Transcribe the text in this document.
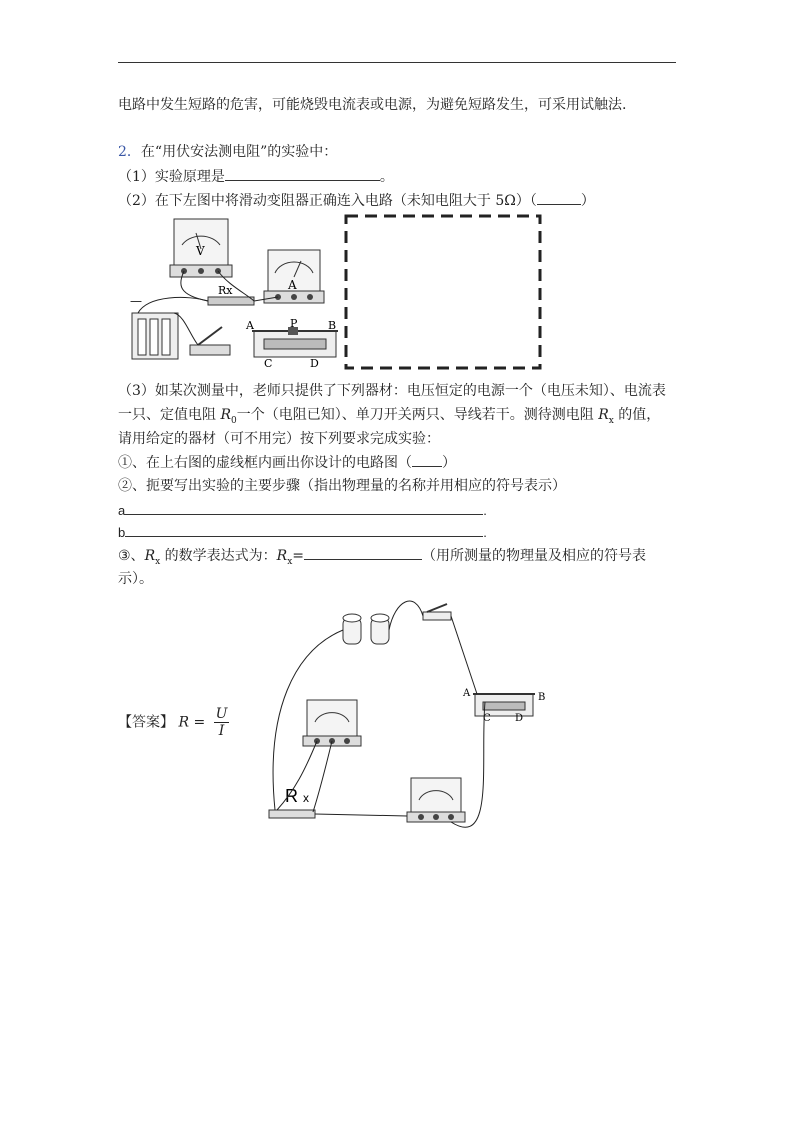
电路中发生短路的危害，可能烧毁电流表或电源，为避免短路发生，可采用试触法.
2．在“用伏安法测电阻”的实验中：
（1）实验原理是	。
（2）在下左图中将滑动变阻器正确连入电路（未知电阻大于 5Ω）（	）
V
A
Rx
—
A	P	B
C	D
（3）如某次测量中，老师只提供了下列器材：电压恒定的电源一个（电压未知）、电流表
一只、定值电阻 $R_0$一个（电阻已知）、单刀开关两只、导线若干。测待测电阻 $R_x$ 的值，
请用给定的器材（可不用完）按下列要求完成实验：
①、在上右图的虚线框内画出你设计的电路图（ ）
②、扼要写出实验的主要步骤（指出物理量的名称并用相应的符号表示）
a	.
b	.
③、$R_x$ 的数学表达式为：$R_x=$	（用所测量的物理量及相应的符号表
示）。
【答案】 $R = \frac{U}{I}$
A	B
C D
R x
